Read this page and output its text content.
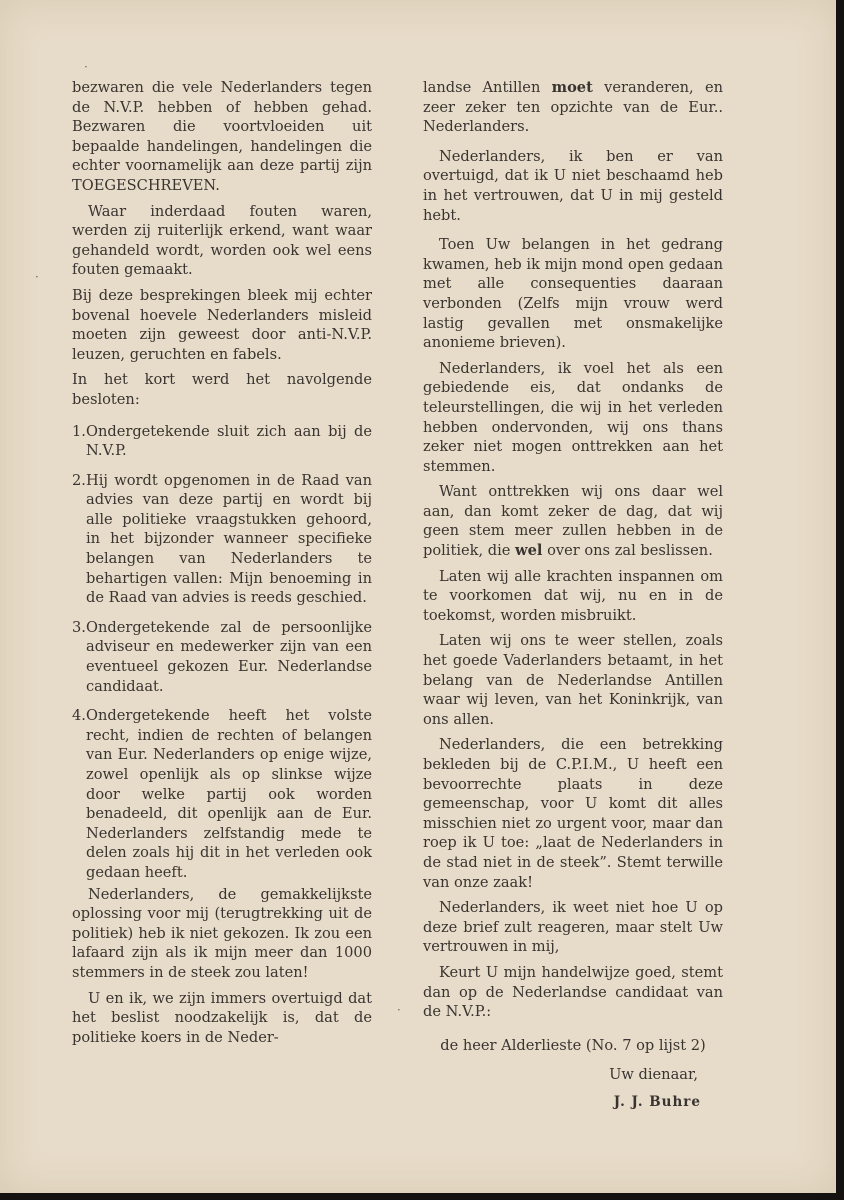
bezwaren die vele Nederlanders tegen de N.V.P. hebben of hebben gehad. Bezwaren die voortvloeiden uit bepaalde handelingen, handelingen die echter voornamelijk aan deze partij zijn TOEGESCHREVEN.

Waar inderdaad fouten waren, werden zij ruiterlijk erkend, want waar gehandeld wordt, worden ook wel eens fouten gemaakt.

Bij deze besprekingen bleek mij echter bovenal hoevele Nederlanders misleid moeten zijn geweest door anti-N.V.P. leuzen, geruchten en fabels.

In het kort werd het navolgende besloten:

1. Ondergetekende sluit zich aan bij de N.V.P.
2. Hij wordt opgenomen in de Raad van advies van deze partij en wordt bij alle politieke vraagstukken gehoord, in het bijzonder wanneer specifieke belangen van Nederlanders te behartigen vallen: Mijn benoeming in de Raad van advies is reeds geschied.
3. Ondergetekende zal de persoonlijke adviseur en medewerker zijn van een eventueel gekozen Eur. Nederlandse candidaat.
4. Ondergetekende heeft het volste recht, indien de rechten of belangen van Eur. Nederlanders op enige wijze, zowel openlijk als op slinkse wijze door welke partij ook worden benadeeld, dit openlijk aan de Eur. Nederlanders zelfstandig mede te delen zoals hij dit in het verleden ook gedaan heeft.

Nederlanders, de gemakkelijkste oplossing voor mij (terugtrekking uit de politiek) heb ik niet gekozen. Ik zou een lafaard zijn als ik mijn meer dan 1000 stemmers in de steek zou laten!

U en ik, we zijn immers overtuigd dat het beslist noodzakelijk is, dat de politieke koers in de Neder-

landse Antillen moet veranderen, en zeer zeker ten opzichte van de Eur.. Nederlanders.

Nederlanders, ik ben er van overtuigd, dat ik U niet beschaamd heb in het vertrouwen, dat U in mij gesteld hebt.

Toen Uw belangen in het gedrang kwamen, heb ik mijn mond open gedaan met alle consequenties daaraan verbonden (Zelfs mijn vrouw werd lastig gevallen met onsmakelijke anonieme brieven).

Nederlanders, ik voel het als een gebiedende eis, dat ondanks de teleurstellingen, die wij in het verleden hebben ondervonden, wij ons thans zeker niet mogen onttrekken aan het stemmen.

Want onttrekken wij ons daar wel aan, dan komt zeker de dag, dat wij geen stem meer zullen hebben in de politiek, die wel over ons zal beslissen.

Laten wij alle krachten inspannen om te voorkomen dat wij, nu en in de toekomst, worden misbruikt.

Laten wij ons te weer stellen, zoals het goede Vaderlanders betaamt, in het belang van de Nederlandse Antillen waar wij leven, van het Koninkrijk, van ons allen.

Nederlanders, die een betrekking bekleden bij de C.P.I.M., U heeft een bevoorrechte plaats in deze gemeenschap, voor U komt dit alles misschien niet zo urgent voor, maar dan roep ik U toe: „laat de Nederlanders in de stad niet in de steek”. Stemt terwille van onze zaak!

Nederlanders, ik weet niet hoe U op deze brief zult reageren, maar stelt Uw vertrouwen in mij,

Keurt U mijn handelwijze goed, stemt dan op de Nederlandse candidaat van de N.V.P.:

de heer Alderlieste (No. 7 op lijst 2)
Uw dienaar,
J. J. Buhre
·
·
·
